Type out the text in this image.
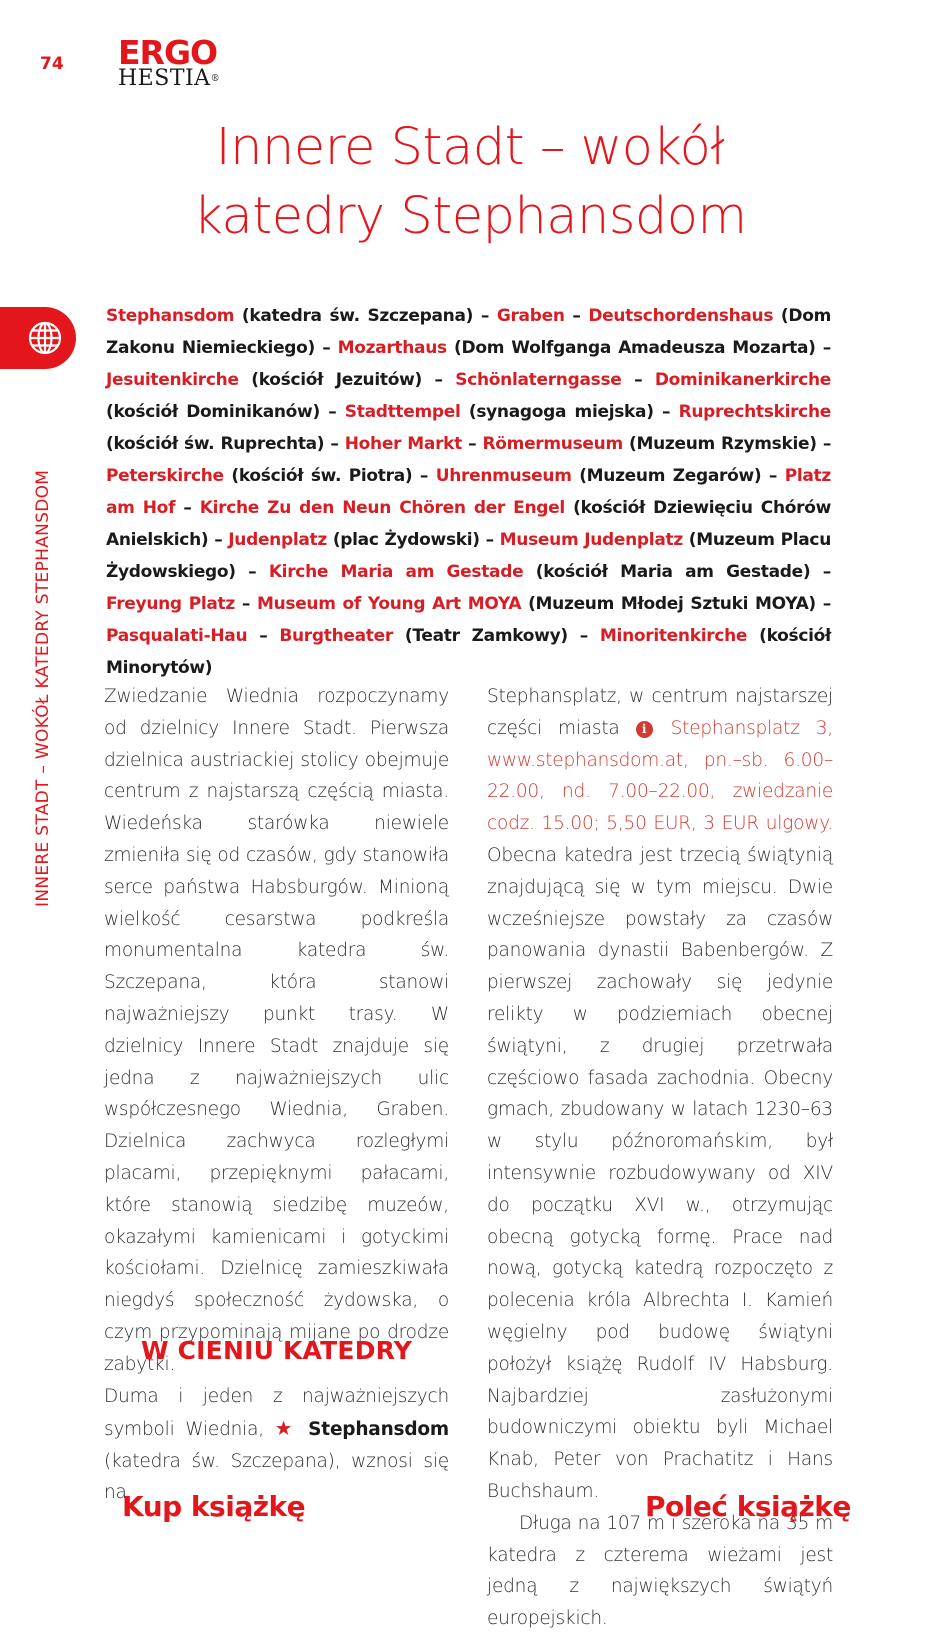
74 ERGO
HESTIA®
Innere Stadt – wokół
katedry Stephansdom
INNERE STADT – WOKÓŁ KATEDRY STEPHANSDOM
Stephansdom (katedra św. Szczepana) – Graben – Deutschordenshaus (Dom Zakonu Niemieckiego) – Mozarthaus (Dom Wolfganga Amadeusza Mozarta) – Jesuitenkirche (kościół Jezuitów) – Schönlaterngasse – Dominikanerkirche (kościół Dominikanów) – Stadttempel (synagoga miejska) – Ruprechtskirche (kościół św. Ruprechta) – Hoher Markt – Römermuseum (Muzeum Rzymskie) – Peterskirche (kościół św. Piotra) – Uhrenmuseum (Muzeum Zegarów) – Platz am Hof – Kirche Zu den Neun Chören der Engel (kościół Dziewięciu Chórów Anielskich) – Judenplatz (plac Żydowski) – Museum Judenplatz (Muzeum Placu Żydowskiego) – Kirche Maria am Gestade (kościół Maria am Gestade) – Freyung Platz – Museum of Young Art MOYA (Muzeum Młodej Sztuki MOYA) – Pasqualati-Hau – Burgtheater (Teatr Zamkowy) – Minoritenkirche (kościół Minorytów)

Zwiedzanie Wiednia rozpoczynamy od dzielnicy Innere Stadt. Pierwsza dzielnica austriackiej stolicy obejmuje centrum z najstarszą częścią miasta. Wiedeńska starówka niewiele zmieniła się od czasów, gdy stanowiła serce państwa Habsburgów. Minioną wielkość cesarstwa podkreśla monumentalna katedra św. Szczepana, która stanowi najważniejszy punkt trasy. W dzielnicy Innere Stadt znajduje się jedna z najważniejszych ulic współczesnego Wiednia, Graben. Dzielnica zachwyca rozległymi placami, przepięknymi pałacami, które stanowią siedzibę muzeów, okazałymi kamienicami i gotyckimi kościołami. Dzielnicę zamieszkiwała niegdyś społeczność żydowska, o czym przypominają mijane po drodze zabytki.

W CIENIU KATEDRY
Duma i jeden z najważniejszych symboli Wiednia, ★ Stephansdom (katedra św. Szczepana), wznosi się na

Stephansplatz, w centrum najstarszej części miasta i Stephansplatz 3, www.stephansdom.at, pn.–sb. 6.00–22.00, nd. 7.00–22.00, zwiedzanie codz. 15.00; 5,50 EUR, 3 EUR ulgowy. Obecna katedra jest trzecią świątynią znajdującą się w tym miejscu. Dwie wcześniejsze powstały za czasów panowania dynastii Babenbergów. Z pierwszej zachowały się jedynie relikty w podziemiach obecnej świątyni, z drugiej przetrwała częściowo fasada zachodnia. Obecny gmach, zbudowany w latach 1230–63 w stylu późnoromańskim, był intensywnie rozbudowywany od XIV do początku XVI w., otrzymując obecną gotycką formę. Prace nad nową, gotycką katedrą rozpoczęto z polecenia króla Albrechta I. Kamień węgielny pod budowę świątyni położył książę Rudolf IV Habsburg. Najbardziej zasłużonymi budowniczymi obiektu byli Michael Knab, Peter von Prachatitz i Hans Buchshaum.

Długa na 107 m i szeroka na 35 m katedra z czterema wieżami jest jedną z największych świątyń europejskich.

Kup książkę	Poleć książkę
